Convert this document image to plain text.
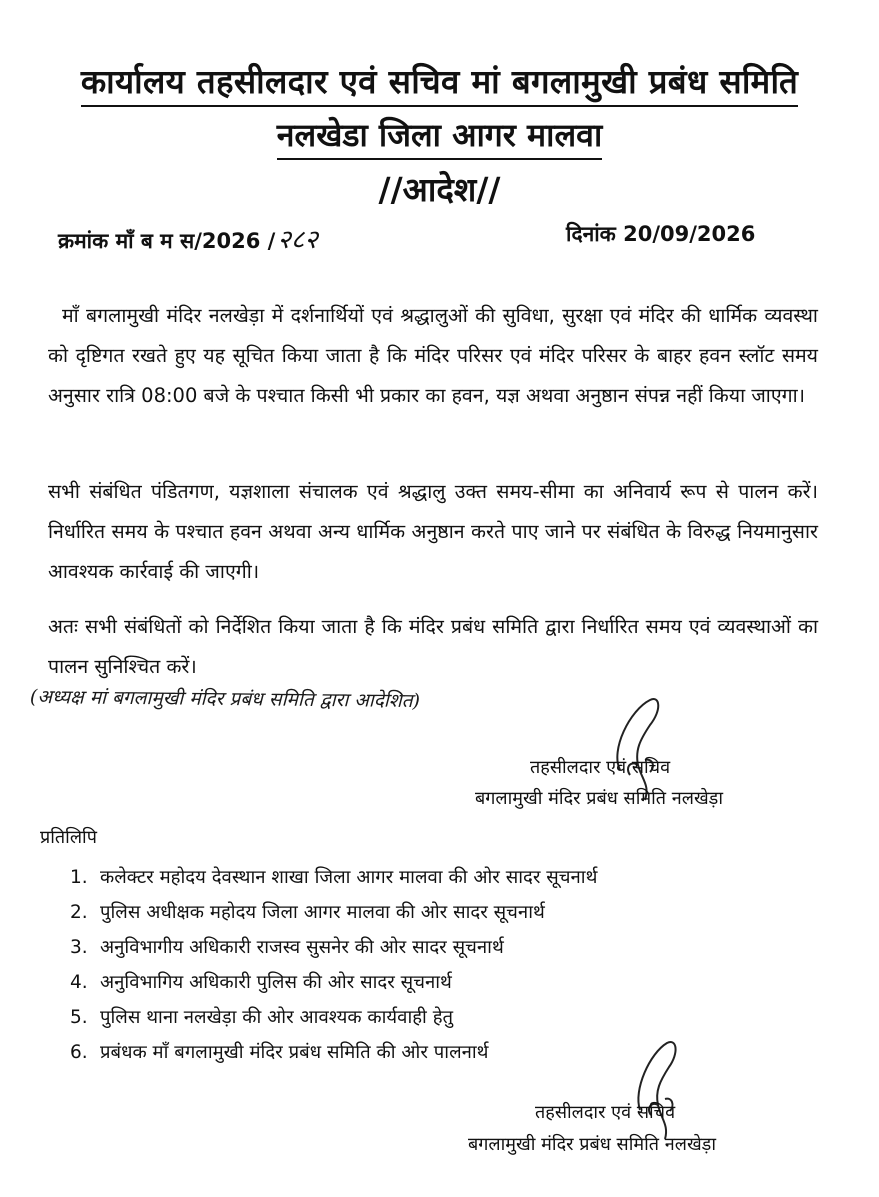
कार्यालय तहसीलदार एवं सचिव मां बगलामुखी प्रबंध समिति
नलखेडा जिला आगर मालवा
//आदेश//
क्रमांक माँ ब म स/2026 /२८२	दिनांक 20/09/2026
माँ बगलामुखी मंदिर नलखेड़ा में दर्शनार्थियों एवं श्रद्धालुओं की सुविधा, सुरक्षा एवं मंदिर की धार्मिक व्यवस्था को दृष्टिगत रखते हुए यह सूचित किया जाता है कि मंदिर परिसर एवं मंदिर परिसर के बाहर हवन स्लॉट समय अनुसार रात्रि 08:00 बजे के पश्चात किसी भी प्रकार का हवन, यज्ञ अथवा अनुष्ठान संपन्न नहीं किया जाएगा।
सभी संबंधित पंडितगण, यज्ञशाला संचालक एवं श्रद्धालु उक्त समय-सीमा का अनिवार्य रूप से पालन करें। निर्धारित समय के पश्चात हवन अथवा अन्य धार्मिक अनुष्ठान करते पाए जाने पर संबंधित के विरुद्ध नियमानुसार आवश्यक कार्रवाई की जाएगी।
अतः सभी संबंधितों को निर्देशित किया जाता है कि मंदिर प्रबंध समिति द्वारा निर्धारित समय एवं व्यवस्थाओं का पालन सुनिश्चित करें।
(अध्यक्ष मां बगलामुखी मंदिर प्रबंध समिति द्वारा आदेशित)
तहसीलदार एवं सचिव
बगलामुखी मंदिर प्रबंध समिति नलखेड़ा
प्रतिलिपि
1. कलेक्टर महोदय देवस्थान शाखा जिला आगर मालवा की ओर सादर सूचनार्थ
2. पुलिस अधीक्षक महोदय जिला आगर मालवा की ओर सादर सूचनार्थ
3. अनुविभागीय अधिकारी राजस्व सुसनेर की ओर सादर सूचनार्थ
4. अनुविभागिय अधिकारी पुलिस की ओर सादर सूचनार्थ
5. पुलिस थाना नलखेड़ा की ओर आवश्यक कार्यवाही हेतु
6. प्रबंधक माँ बगलामुखी मंदिर प्रबंध समिति की ओर पालनार्थ
तहसीलदार एवं सचिव
बगलामुखी मंदिर प्रबंध समिति नलखेड़ा
